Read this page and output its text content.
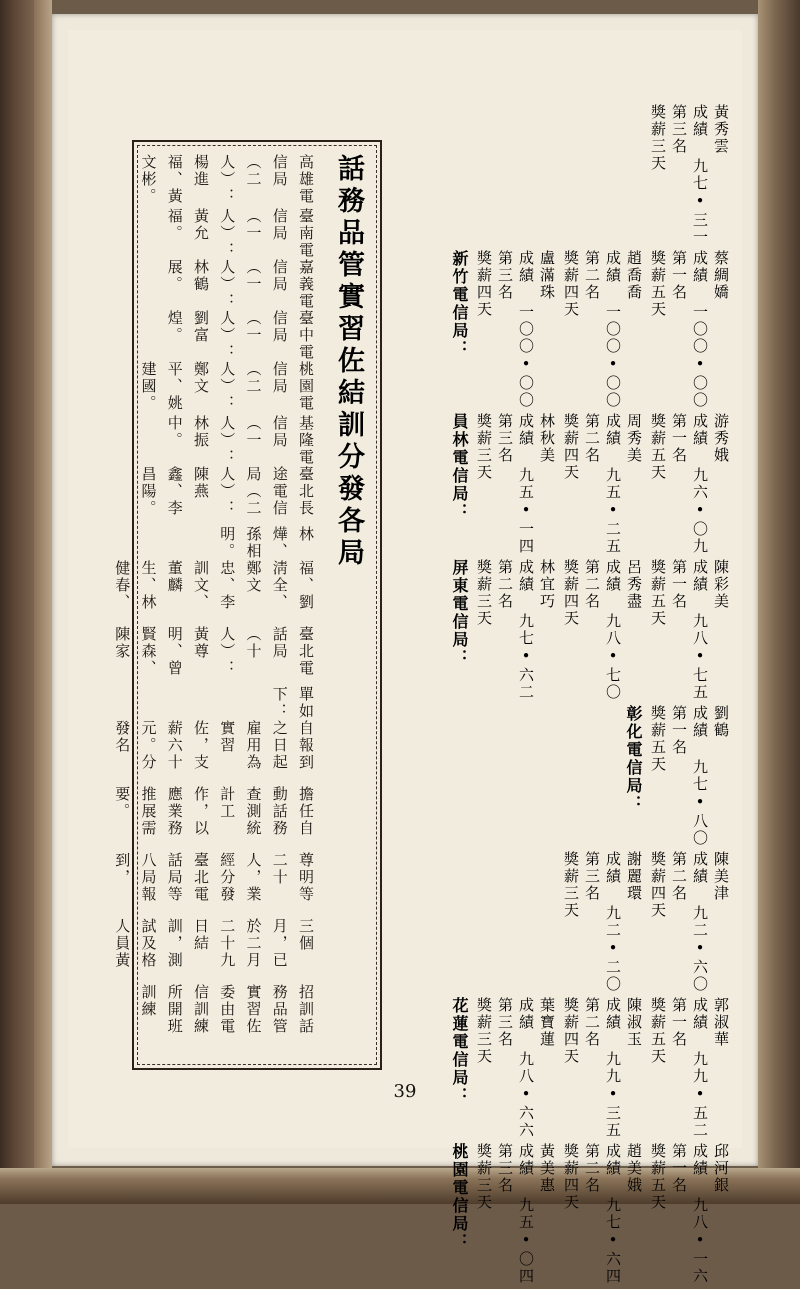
黃秀雲
成績 九七•三一
第三名
獎薪三天
蔡綢嬌
成績 一〇〇•〇〇
第一名
獎薪五天
趙喬喬
成績 一〇〇•〇〇
第二名
獎薪四天
盧滿珠
成績 一〇〇•〇〇
第三名
獎薪四天
新竹電信局：
游秀娥
成績 九六•〇九
第一名
獎薪五天
周秀美
成績 九五•二五
第二名
獎薪四天
林秋美
成績 九五•一四
第三名
獎薪三天
員林電信局：
陳彩美
成績 九八•七五
第一名
獎薪五天
呂秀盡
成績 九八•七〇
第二名
獎薪四天
林宜巧
成績 九七•六二
第二名
獎薪三天
屏東電信局：
劉鶴
成績 九七•八〇
第一名
獎薪五天
彰化電信局：
陳美津
成績 九二•六〇
第二名
獎薪四天
謝麗環
成績 九二•二〇
第三名
獎薪三天
郭淑華
成績 九九•五二
第一名
獎薪五天
陳淑玉
成績 九九•三五
第二名
獎薪四天
葉寶蓮
成績 九八•六六
第三名
獎薪三天
花蓮電信局：
邱河銀
成績 九八•一六
第一名
獎薪五天
趙美娥
成績 九七•六四
第二名
獎薪四天
黃美惠
成績 九五•〇四
第三名
獎薪三天
桃園電信局：
話務品管實習佐結訓分發各局
招訓話務品管實習佐委由電信訓練所開班訓練
三個月，已於二月二十九日結訓，測試及格人員黃
尊明等二十人，業經分發臺北電話局等八局報到，
擔任自動話務查測統計工作，以應業務推展需要。
自報到之日起雇用為實習佐，支薪六十元。分發名
單如下：
臺北電話局（十人）：黃尊明、曾賢森、陳家
福、劉淸全、鄭文忠、李訓文、董麟生、林健春、
林燁、孫相明。
臺北長途電信局（二人）：陳燕鑫、李昌陽。
基隆電信局（一人）：林振中。
桃園電信局（二人）：鄭文平、姚建國。
臺中電信局（一人）：劉富煌。
嘉義電信局（一人）：林鶴展。
臺南電信局（一人）：黃允福。
高雄電信局（二人）：楊進福、黃文彬。
39
